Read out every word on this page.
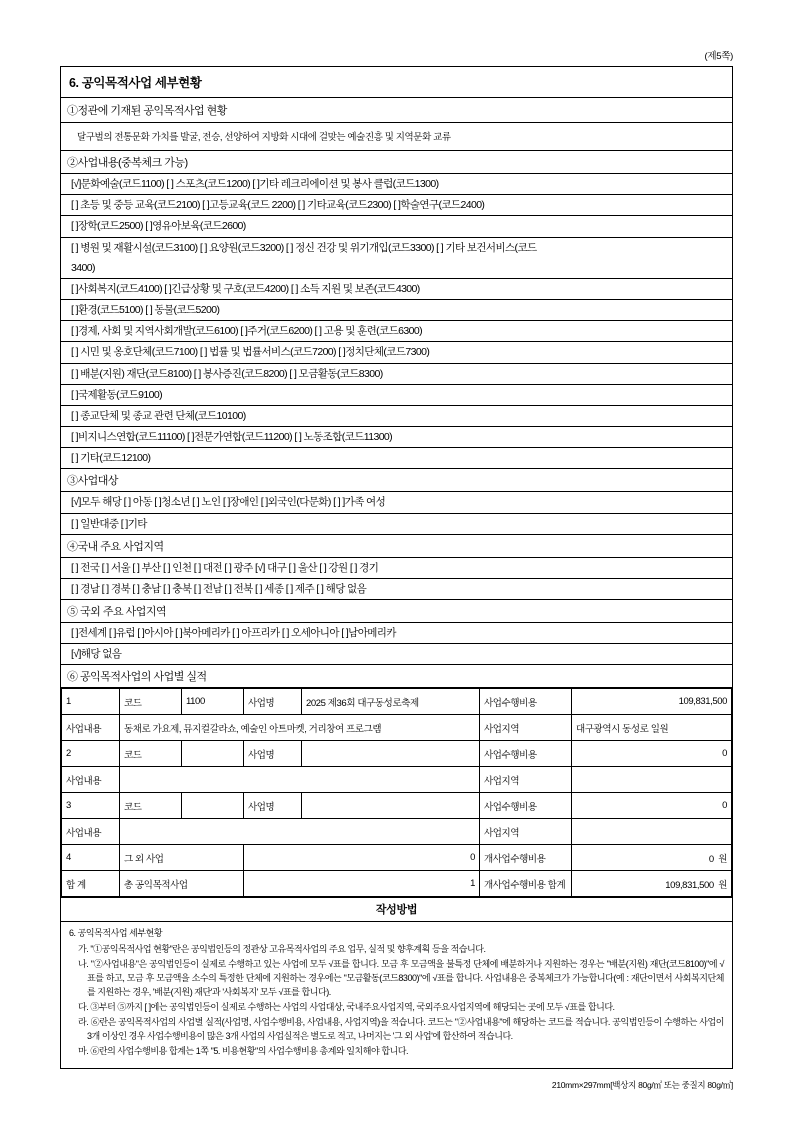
(제5쪽)
6. 공익목적사업 세부현황
①정관에 기재된 공익목적사업 현황
달구벌의 전통문화 가치를 발굴, 전승, 선양하여 지방화 시대에 걸맞는 예술진흥 및 지역문화 교류
②사업내용(중복체크 가능)
[√]문화예술(코드1100) [ ] 스포츠(코드1200) [ ]기타 레크리에이션 및 봉사 클럽(코드1300)
[ ] 초등 및 중등 교육(코드2100) [ ]고등교육(코드 2200) [ ] 기타교육(코드2300) [ ]학술연구(코드2400)
[ ]장학(코드2500) [ ]영유아보육(코드2600)
[ ] 병원 및 재활시설(코드3100) [ ] 요양원(코드3200) [ ] 정신 건강 및 위기개입(코드3300) [ ] 기타 보건서비스(코드
3400)
[ ]사회복지(코드4100) [ ]긴급상황 및 구호(코드4200) [ ] 소득 지원 및 보존(코드4300)
[ ]환경(코드5100) [ ] 동물(코드5200)
[ ]경제, 사회 및 지역사회개발(코드6100) [ ]주거(코드6200) [ ] 고용 및 훈련(코드6300)
[ ] 시민 및 옹호단체(코드7100) [ ] 법률 및 법률서비스(코드7200) [ ]정치단체(코드7300)
[ ] 배분(지원) 재단(코드8100) [ ] 봉사증진(코드8200) [ ] 모금활동(코드8300)
[ ]국제활동(코드9100)
[ ] 종교단체 및 종교 관련 단체(코드10100)
[ ]비지니스연합(코드11100) [ ]전문가연합(코드11200) [ ] 노동조합(코드11300)
[ ] 기타(코드12100)
③사업대상
[√]모두 해당 [ ] 아동 [ ]청소년 [ ] 노인 [ ]장애인 [ ]외국인(다문화) [ ] ]가족 여성
[ ] 일반대중 [ ]기타
④국내 주요 사업지역
[ ] 전국 [ ] 서울 [ ] 부산 [ ] 인천 [ ] 대전 [ ] 광주 [√] 대구 [ ] 울산 [ ] 강원 [ ] 경기
[ ] 경남 [ ] 경북 [ ] 충남 [ ] 충북 [ ] 전남 [ ] 전북 [ ] 세종 [ ] 제주 [ ] 해당 없음
⑤ 국외 주요 사업지역
[ ]전세계 [ ]유럽 [ ]아시아 [ ]북아메리카 [ ] 아프리카 [ ] 오세아니아 [ ]남아메리카
[√]해당 없음
⑥ 공익목적사업의 사업별 실적
1	코드	1100	사업명	2025 제36회 대구동성로축제	사업수행비용	109,831,500
사업내용	동채로 가요제, 뮤지컬갈라쇼, 예술인 아트마켓, 거리창여 프로그램				사업지역	대구광역시 동성로 일원
2	코드		사업명		사업수행비용	0
사업내용					사업지역	
3	코드		사업명		사업수행비용	0
사업내용					사업지역	
4	그 외 사업		0		개사업수행비용	0 원
합 계	총 공익목적사업		1		개사업수행비용 합계	109,831,500 원
작성방법
6. 공익목적사업 세부현황

가. "①공익목적사업 현황"란은 공익법인등의 정관상 고유목적사업의 주요 업무, 실적 및 향후계획 등을 적습니다.

나. "②사업내용"은 공익법인등이 실제로 수행하고 있는 사업에 모두 √표를 합니다. 모금 후 모금액을 불특정 단체에 배분하거나 지원하는 경우는 "배분(지원) 재단(코드8100)"에 √표를 하고, 모금 후 모금액을 소수의 특정한 단체에 지원하는 경우에는 "모금활동(코드8300)"에 √표를 합니다. 사업내용은 중복체크가 가능합니다(예 : 재단이면서 사회복지단체를 지원하는 경우, '배분(지원) 재단'과 '사회복지' 모두 √표를 합니다).

다. ③부터 ⑤까지 [ ]에는 공익법인등이 실제로 수행하는 사업의 사업대상, 국내주요사업지역, 국외주요사업지역에 해당되는 곳에 모두 √표를 합니다.

라. ⑥란은 공익목적사업의 사업별 실적(사업명, 사업수행비용, 사업내용, 사업지역)을 적습니다. 코드는 "②사업내용"에 해당하는 코드를 적습니다. 공익법인등이 수행하는 사업이 3개 이상인 경우 사업수행비용이 많은 3개 사업의 사업실적은 별도로 적고, 나머지는 '그 외 사업'에 합산하여 적습니다.

마. ⑥란의 사업수행비용 합계는 1쪽 "5. 비용현황"의 사업수행비용 총계와 일치해야 합니다.

210mm×297mm[백상지 80g/㎡ 또는 중질지 80g/㎡]
